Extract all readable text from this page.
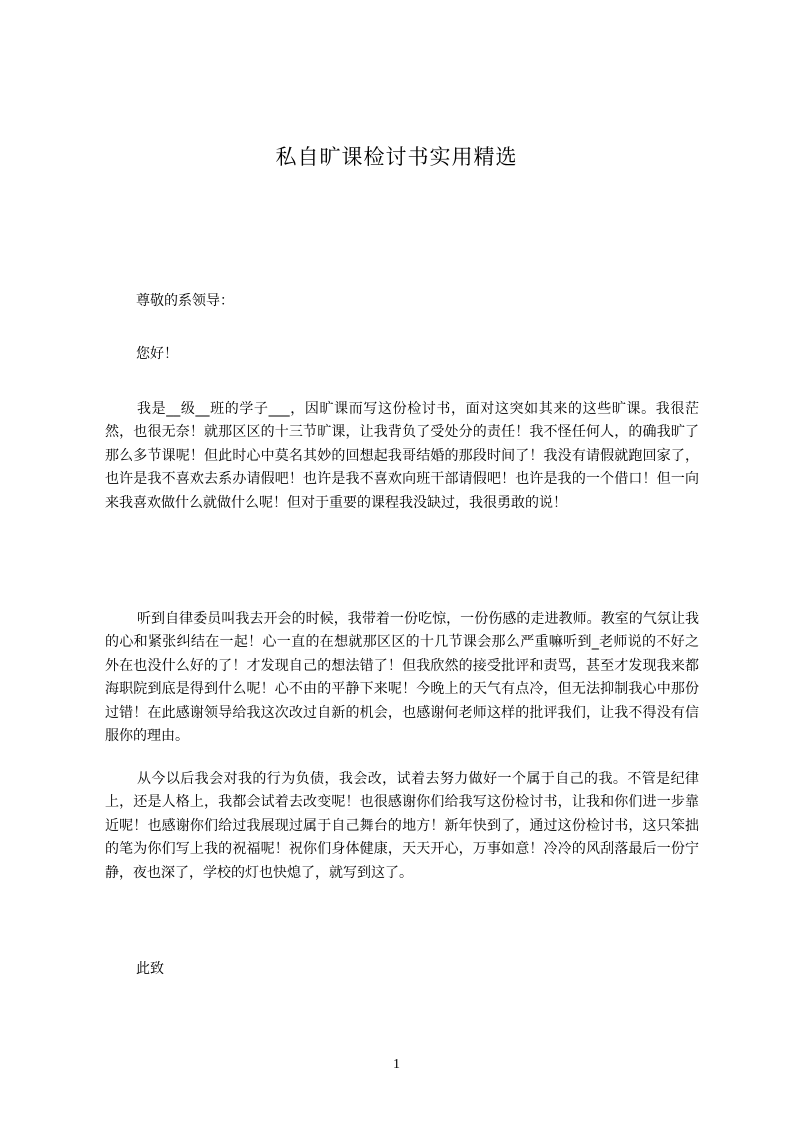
私自旷课检讨书实用精选
尊敬的系领导：
您好！

我是__级__班的学子___，因旷课而写这份检讨书，面对这突如其来的这些旷课。我很茫然，也很无奈！就那区区的十三节旷课，让我背负了受处分的责任！我不怪任何人，的确我旷了那么多节课呢！但此时心中莫名其妙的回想起我哥结婚的那段时间了！我没有请假就跑回家了，也许是我不喜欢去系办请假吧！也许是我不喜欢向班干部请假吧！也许是我的一个借口！但一向来我喜欢做什么就做什么呢！但对于重要的课程我没缺过，我很勇敢的说！

听到自律委员叫我去开会的时候，我带着一份吃惊，一份伤感的走进教师。教室的气氛让我的心和紧张纠结在一起！心一直的在想就那区区的十几节课会那么严重嘛听到_老师说的不好之外在也没什么好的了！才发现自己的想法错了！但我欣然的接受批评和责骂，甚至才发现我来都海职院到底是得到什么呢！心不由的平静下来呢！今晚上的天气有点冷，但无法抑制我心中那份过错！在此感谢领导给我这次改过自新的机会，也感谢何老师这样的批评我们，让我不得没有信服你的理由。

从今以后我会对我的行为负债，我会改，试着去努力做好一个属于自己的我。不管是纪律上，还是人格上，我都会试着去改变呢！也很感谢你们给我写这份检讨书，让我和你们进一步靠近呢！也感谢你们给过我展现过属于自己舞台的地方！新年快到了，通过这份检讨书，这只笨拙的笔为你们写上我的祝福呢！祝你们身体健康，天天开心，万事如意！冷冷的风刮落最后一份宁静，夜也深了，学校的灯也快熄了，就写到这了。

此致
1
